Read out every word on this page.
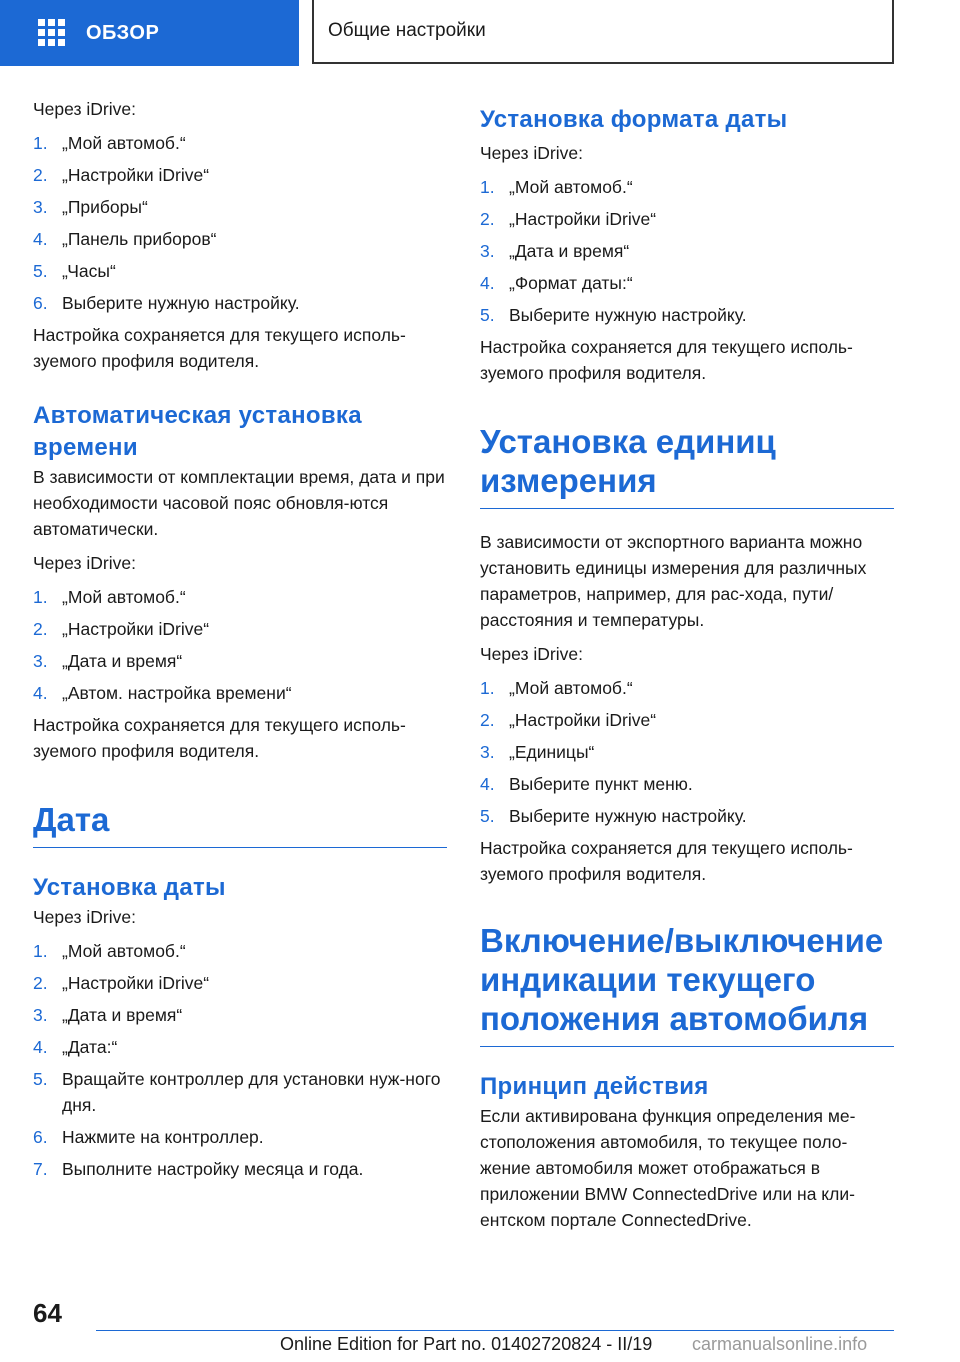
ОБЗОР	Общие настройки

Через iDrive:

1. „Мой автомоб.“
2. „Настройки iDrive“
3. „Приборы“
4. „Панель приборов“
5. „Часы“
6. Выберите нужную настройку.

Настройка сохраняется для текущего исполь-зуемого профиля водителя.

Автоматическая установка времени

В зависимости от комплектации время, дата и при необходимости часовой пояс обновля-ются автоматически.

Через iDrive:

1. „Мой автомоб.“
2. „Настройки iDrive“
3. „Дата и время“
4. „Автом. настройка времени“

Настройка сохраняется для текущего исполь-зуемого профиля водителя.

Дата
Установка даты

Через iDrive:

1. „Мой автомоб.“
2. „Настройки iDrive“
3. „Дата и время“
4. „Дата:“
5. Вращайте контроллер для установки нуж-ного дня.
6. Нажмите на контроллер.
7. Выполните настройку месяца и года.
Установка формата даты

Через iDrive:

1. „Мой автомоб.“
2. „Настройки iDrive“
3. „Дата и время“
4. „Формат даты:“
5. Выберите нужную настройку.

Настройка сохраняется для текущего исполь-зуемого профиля водителя.

Установка единиц измерения

В зависимости от экспортного варианта можно установить единицы измерения для различных параметров, например, для рас-хода, пути/расстояния и температуры.

Через iDrive:

1. „Мой автомоб.“
2. „Настройки iDrive“
3. „Единицы“
4. Выберите пункт меню.
5. Выберите нужную настройку.

Настройка сохраняется для текущего исполь-зуемого профиля водителя.

Включение/выключение индикации текущего положения автомобиля
Принцип действия

Если активирована функция определения ме-стоположения автомобиля, то текущее поло-жение автомобиля может отображаться в приложении BMW ConnectedDrive или на кли-ентском портале ConnectedDrive.

64
Online Edition for Part no. 01402720824 - II/19 carmanualsonline.info
